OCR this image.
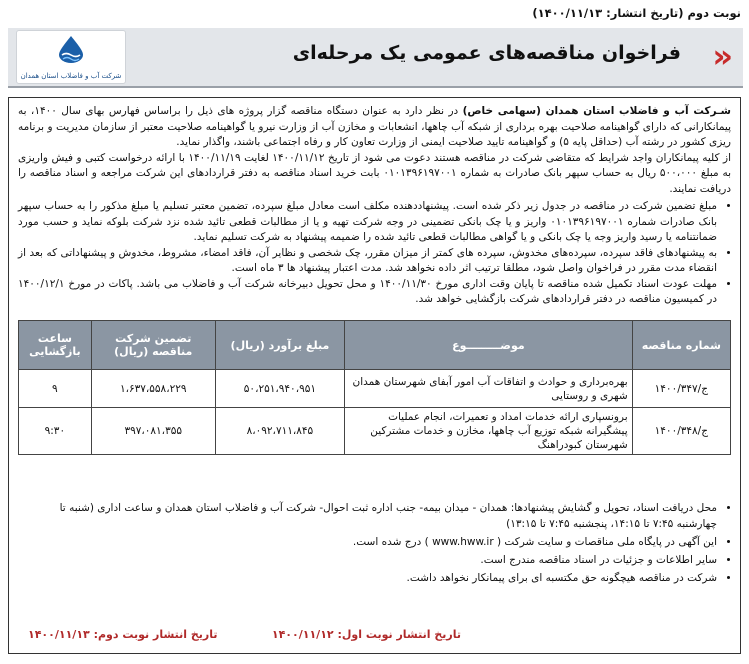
نوبت دوم (تاریخ انتشار: ۱۴۰۰/۱۱/۱۳)
«
فراخوان مناقصه‌های عمومی یک مرحله‌ای
شرکت آب و فاضلاب استان همدان

شـرکت آب و فاضلاب استان همدان (سهامی خاص) در نظر دارد به عنوان دستگاه مناقصه گزار پروژه های ذیل را براساس فهارس بهای سال ۱۴۰۰، به پیمانکارانی که دارای گواهینامه صلاحیت بهره برداری از شبکه آب چاهها، انشعابات و مخازن آب از وزارت نیرو یا گواهینامه صلاحیت معتبر از سازمان مدیریت و برنامه ریزی کشور در رشته آب (حداقل پایه ۵) و گواهینامه تایید صلاحیت ایمنی از وزارت تعاون کار و رفاه اجتماعی باشند، واگذار نماید.

از کلیه پیمانکاران واجد شرایط که متقاضی شرکت در مناقصه هستند دعوت می شود از تاریخ ۱۴۰۰/۱۱/۱۲ لغایت ۱۴۰۰/۱۱/۱۹ با ارائه درخواست کتبی و فیش واریزی به مبلغ ۵۰۰،۰۰۰ ریال به حساب سپهر بانک صادرات به شماره ۰۱۰۱۳۹۶۱۹۷۰۰۱ بابت خرید اسناد مناقصه به دفتر قراردادهای این شرکت مراجعه و اسناد مناقصه را دریافت نمایند.

• مبلغ تضمین شرکت در مناقصه در جدول زیر ذکر شده است. پیشنهاددهنده مکلف است معادل مبلغ سپرده، تضمین معتبر تسلیم یا مبلغ مذکور را به حساب سپهر بانک صادرات شماره ۰۱۰۱۳۹۶۱۹۷۰۰۱ واریز و یا چک بانکی تضمینی در وجه شرکت تهیه و یا از مطالبات قطعی تائید شده نزد شرکت بلوکه نماید و حسب مورد ضمانتنامه یا رسید واریز وجه یا چک بانکی و یا گواهی مطالبات قطعی تائید شده را ضمیمه پیشنهاد به شرکت تسلیم نماید.
• به پیشنهادهای فاقد سپرده، سپرده‌های مخدوش، سپرده های کمتر از میزان مقرر، چک شخصی و نظایر آن، فاقد امضاء، مشروط، مخدوش و پیشنهاداتی که بعد از انقضاء مدت مقرر در فراخوان واصل شود، مطلقا ترتیب اثر داده نخواهد شد. مدت اعتبار پیشنهاد ها ۳ ماه است.
• مهلت عودت اسناد تکمیل شده مناقصه تا پایان وقت اداری مورخ ۱۴۰۰/۱۱/۳۰ و محل تحویل دبیرخانه شرکت آب و فاضلاب می باشد. پاکات در مورخ ۱۴۰۰/۱۲/۱ در کمیسیون مناقصه در دفتر قراردادهای شرکت بازگشایی خواهد شد.
شماره مناقصه	موضـــــــــوع	مبلغ برآورد (ریال)	تضمین شرکت مناقصه (ریال)	ساعت بازگشایی
ج/۱۴۰۰/۳۴۷	بهره‌برداری و حوادث و اتفاقات آب امور آبفای شهرستان همدان شهری و روستایی	۵۰،۲۵۱،۹۴۰،۹۵۱	۱،۶۳۷،۵۵۸،۲۲۹	۹
ج/۱۴۰۰/۳۴۸	برونسپاری ارائه خدمات امداد و تعمیرات، انجام عملیات پیشگیرانه شبکه توزیع آب چاهها، مخازن و خدمات مشترکین شهرستان کبودراهنگ	۸،۰۹۲،۷۱۱،۸۴۵	۳۹۷،۰۸۱،۳۵۵	۹:۳۰
• محل دریافت اسناد، تحویل و گشایش پیشنهادها: همدان - میدان بیمه- جنب اداره ثبت احوال- شرکت آب و فاضلاب استان همدان و ساعت اداری (شنبه تا چهارشنبه ۷:۴۵ تا ۱۴:۱۵، پنجشنبه ۷:۴۵ تا ۱۳:۱۵)
• این آگهی در پایگاه ملی مناقصات و سایت شرکت ( www.hww.ir ) درج شده است.
• سایر اطلاعات و جزئیات در اسناد مناقصه مندرج است.
• شرکت در مناقصه هیچگونه حق مکتسبه ای برای پیمانکار نخواهد داشت.
تاریخ انتشار نوبت اول: ۱۴۰۰/۱۱/۱۲
تاریخ انتشار نوبت دوم: ۱۴۰۰/۱۱/۱۳
